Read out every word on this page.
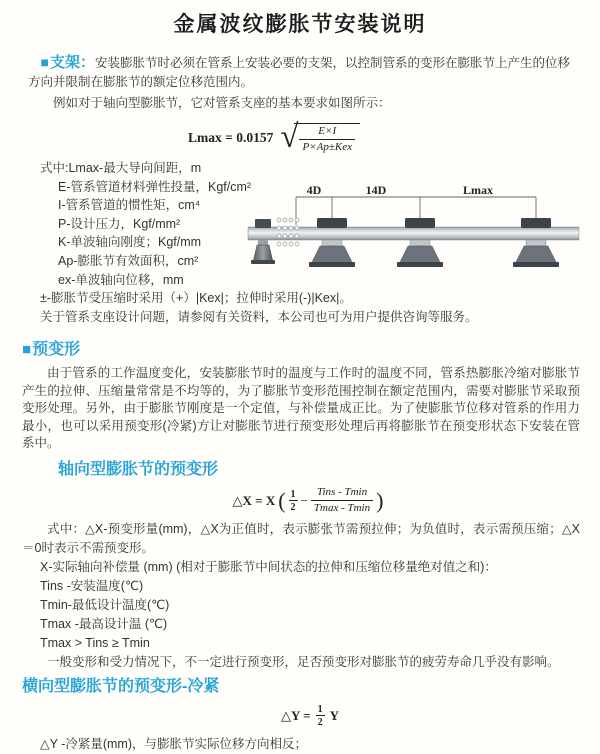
金属波纹膨胀节安装说明

■支架：安装膨胀节时必须在管系上安装必要的支架，以控制管系的变形在膨胀节上产生的位移方向并限制在膨胀节的额定位移范围内。

例如对于轴向型膨胀节，它对管系支座的基本要求如图所示：

Lmax = 0.0157 √ $\frac{E\times I}{\text{P×Ap±Kex}}$
式中:Lmax-最大导向间距，m
E-管系管道材料弹性投量，Kgf/cm²
I-管系管道的惯性矩，cm⁴
P-设计压力，Kgf/mm²
K-单波轴向刚度；Kgf/mm
Ap-膨胀节有效面积，cm²
ex-单波轴向位移，mm
4D	14D	Lmax

±-膨胀节受压缩时采用（+）|Kex|；拉伸时采用(-)|Kex|。

关于管系支座设计问题，请参阅有关资料，本公司也可为用户提供咨询等服务。

■预变形

由于管系的工作温度变化，安装膨胀节时的温度与工作时的温度不同，管系热膨胀冷缩对膨胀节产生的拉伸、压缩量常常是不均等的，为了膨胀节变形范围控制在额定范围内，需要对膨胀节采取预变形处理。另外，由于膨胀节刚度是一个定值，与补偿量成正比。为了使膨胀节位移对管系的作用力最小，也可以采用预变形(冷紧)方让对膨胀节进行预变形处理后再将膨胀节在预变形状态下安装在管系中。

轴向型膨胀节的预变形
△X = X ( $\frac{1}{2} - \frac{\text{Tins - Tmin}}{Tmax - Tmin}$ )

式中：△X-预变形量(mm)，△X为正值时，表示膨张节需预拉伸；为负值时，表示需预压缩；△X＝0时表示不需预变形。

X-实际轴向补偿量 (mm) (相对于膨胀节中间状态的拉伸和压缩位移量绝对值之和)：
Tins -安装温度(℃)
Tmin-最低设计温度(℃)
Tmax -最高设计温 (℃)
Tmax > Tins ≥ Tmin

一般变形和受力情况下，不一定进行预变形，足否预变形对膨胀节的疲劳寿命几乎没有影响。

横向型膨胀节的预变形-冷紧
△Y = $\frac{1}{2}$ Y

△Y -冷紧量(mm)，与膨胀节实际位移方向相反；
